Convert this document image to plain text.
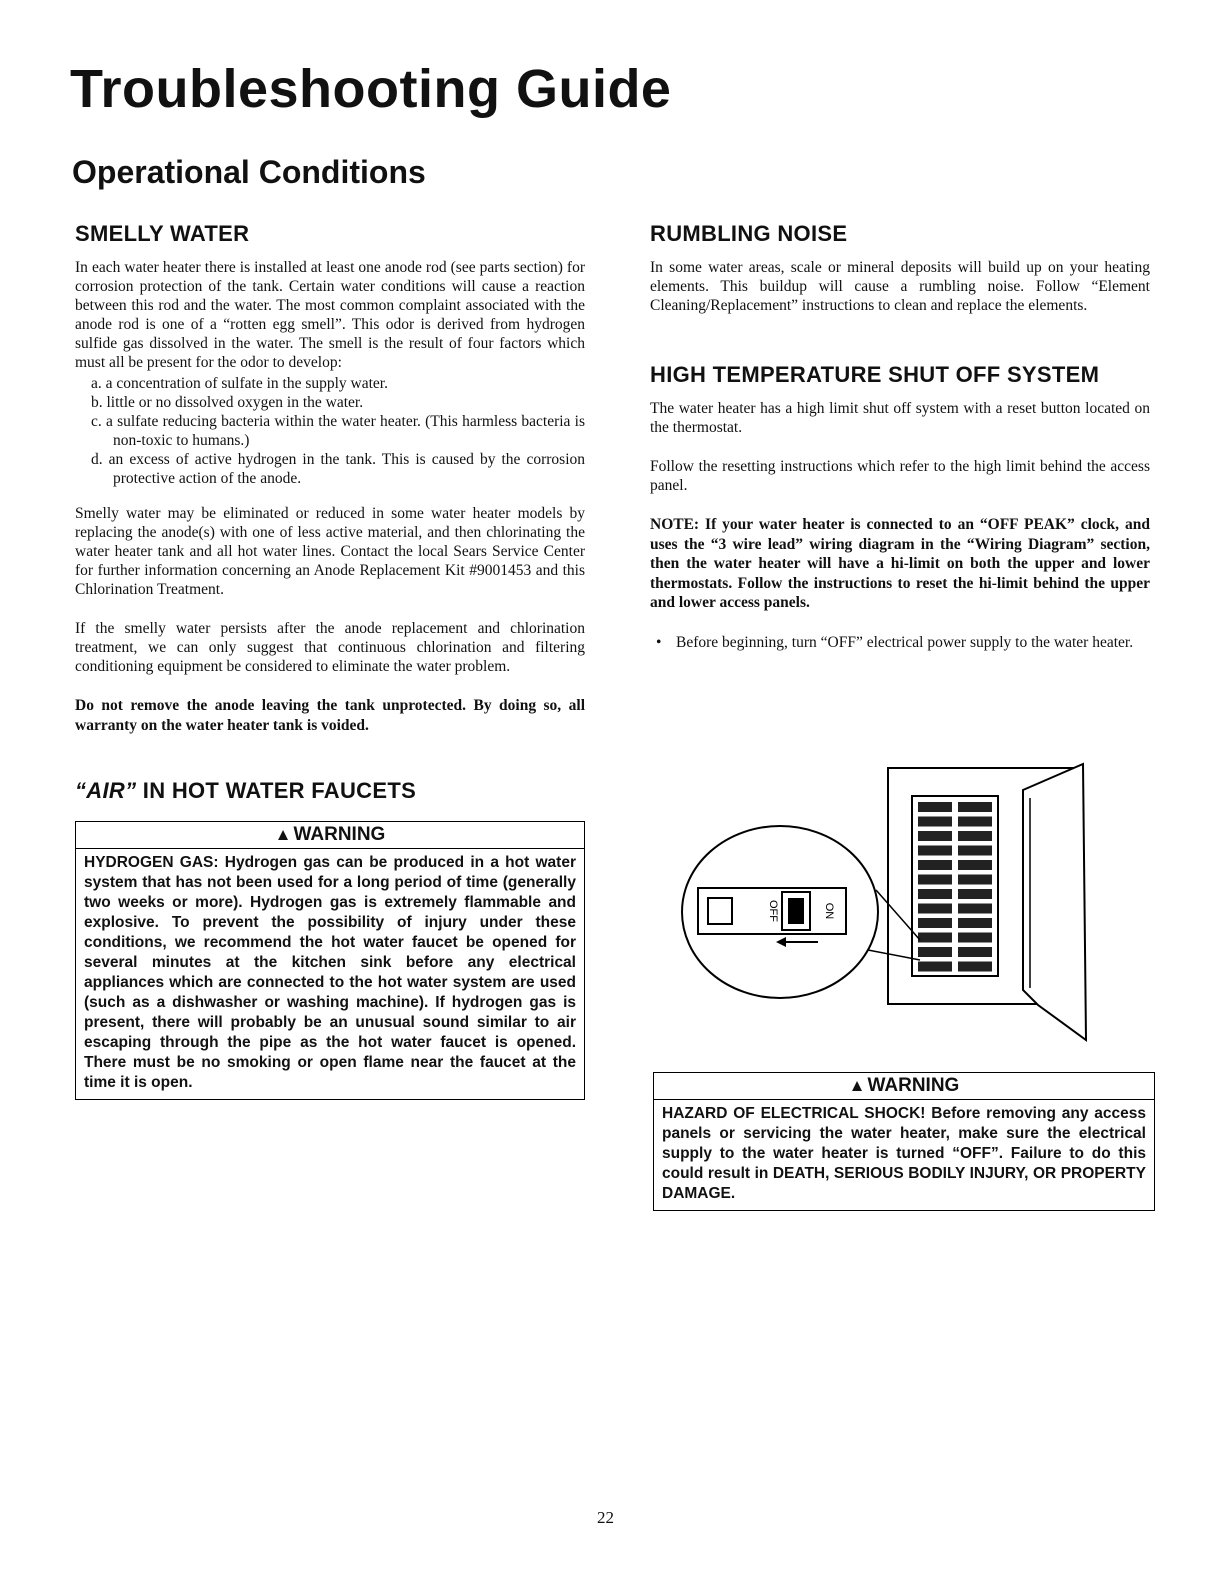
Troubleshooting Guide
Operational Conditions
SMELLY WATER

In each water heater there is installed at least one anode rod (see parts section) for corrosion protection of the tank. Certain water conditions will cause a reaction between this rod and the water. The most common complaint associated with the anode rod is one of a “rotten egg smell”. This odor is derived from hydrogen sulfide gas dissolved in the water. The smell is the result of four factors which must all be present for the odor to develop:

a. a concentration of sulfate in the supply water.
b. little or no dissolved oxygen in the water.
c. a sulfate reducing bacteria within the water heater. (This harmless bacteria is non-toxic to humans.)
d. an excess of active hydrogen in the tank. This is caused by the corrosion protective action of the anode.

Smelly water may be eliminated or reduced in some water heater models by replacing the anode(s) with one of less active material, and then chlorinating the water heater tank and all hot water lines. Contact the local Sears Service Center for further information concerning an Anode Replacement Kit #9001453 and this Chlorination Treatment.

If the smelly water persists after the anode replacement and chlorination treatment, we can only suggest that continuous chlorination and filtering conditioning equipment be considered to eliminate the water problem.

Do not remove the anode leaving the tank unprotected. By doing so, all warranty on the water heater tank is voided.

“AIR” IN HOT WATER FAUCETS
▲ WARNING

HYDROGEN GAS: Hydrogen gas can be produced in a hot water system that has not been used for a long period of time (generally two weeks or more). Hydrogen gas is extremely flammable and explosive. To prevent the possibility of injury under these conditions, we recommend the hot water faucet be opened for several minutes at the kitchen sink before any electrical appliances which are connected to the hot water system are used (such as a dishwasher or washing machine). If hydrogen gas is present, there will probably be an unusual sound similar to air escaping through the pipe as the hot water faucet is opened. There must be no smoking or open flame near the faucet at the time it is open.

RUMBLING NOISE

In some water areas, scale or mineral deposits will build up on your heating elements. This buildup will cause a rumbling noise. Follow “Element Cleaning/Replacement” instructions to clean and replace the elements.

HIGH TEMPERATURE SHUT OFF SYSTEM

The water heater has a high limit shut off system with a reset button located on the thermostat.

Follow the resetting instructions which refer to the high limit behind the access panel.

NOTE: If your water heater is connected to an “OFF PEAK” clock, and uses the “3 wire lead” wiring diagram in the “Wiring Diagram” section, then the water heater will have a hi-limit on both the upper and lower thermostats. Follow the instructions to reset the hi-limit behind the upper and lower access panels.

• Before beginning, turn “OFF” electrical power supply to the water heater.
OFF	ON
▲ WARNING

HAZARD OF ELECTRICAL SHOCK! Before removing any access panels or servicing the water heater, make sure the electrical supply to the water heater is turned “OFF”. Failure to do this could result in DEATH, SERIOUS BODILY INJURY, OR PROPERTY DAMAGE.

22
